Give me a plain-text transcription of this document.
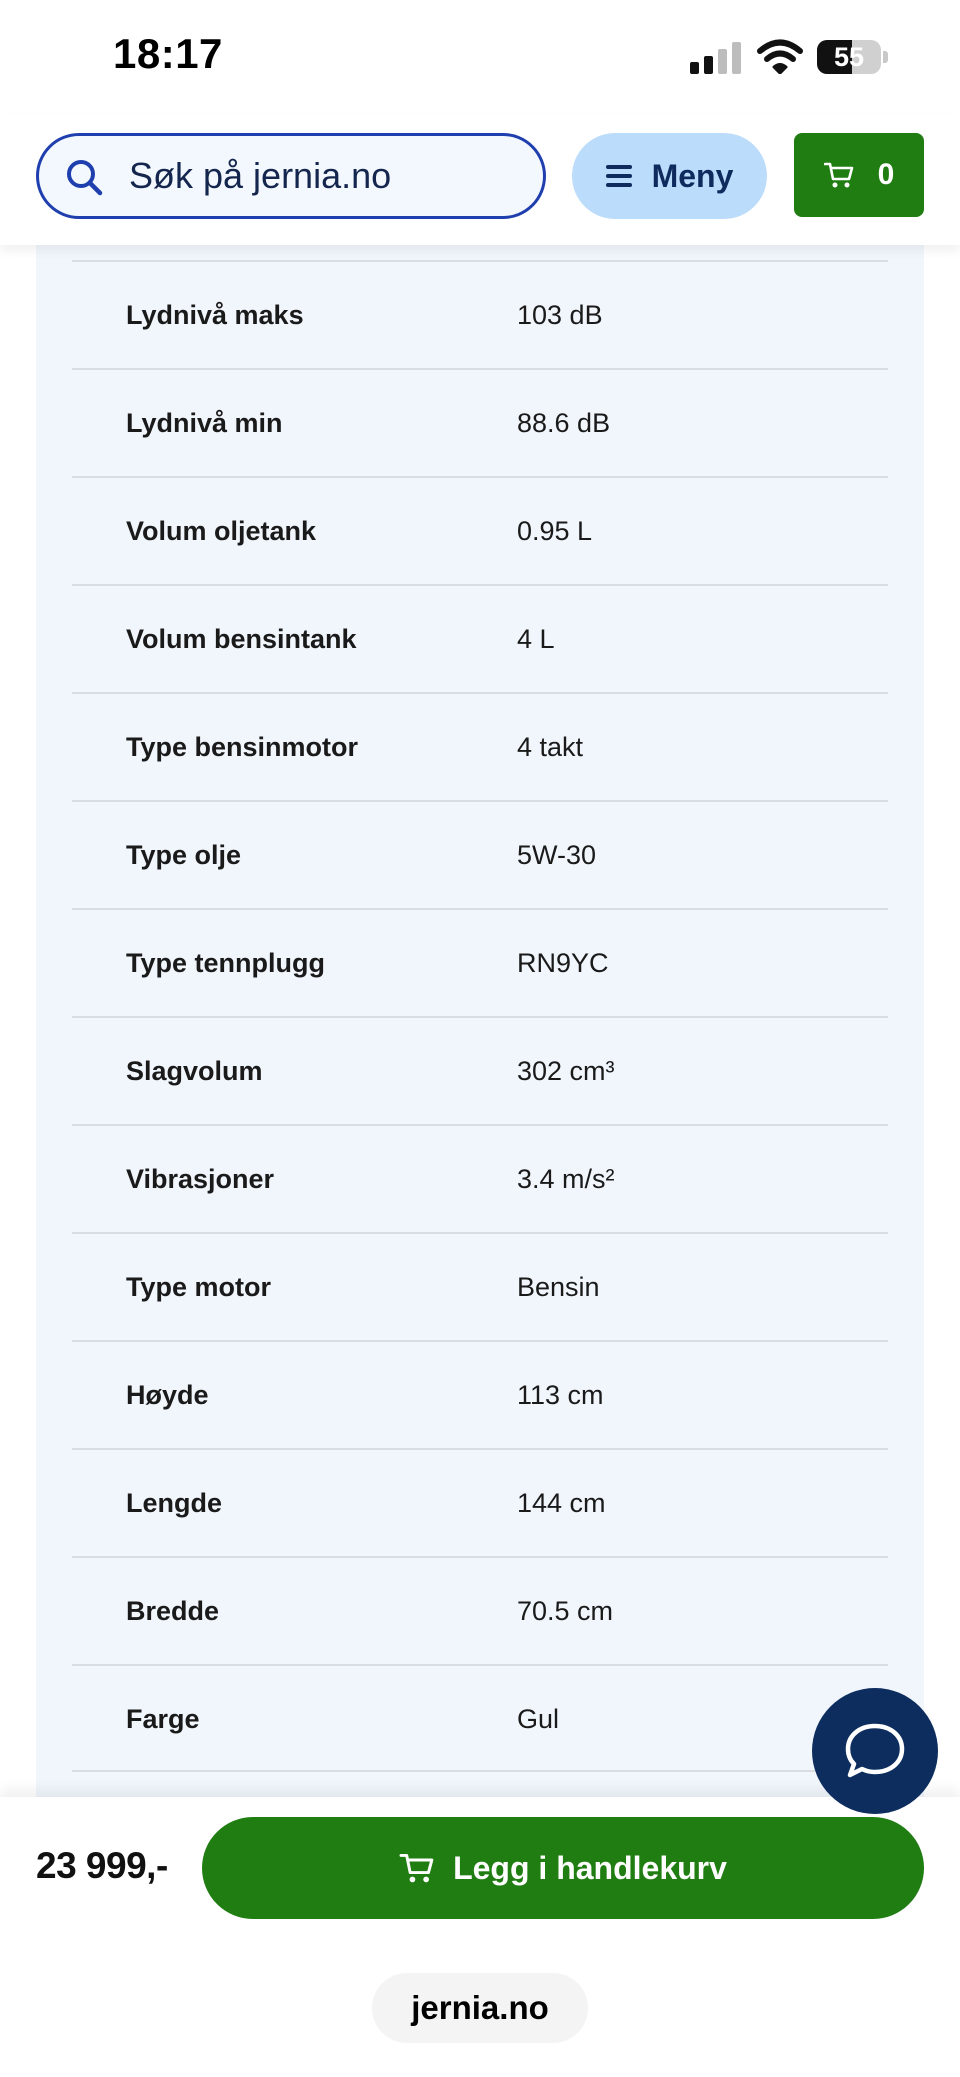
18:17	55
Søk på jernia.no
Meny	0
Lydnivå maks	103 dB
Lydnivå min	88.6 dB
Volum oljetank	0.95 L
Volum bensintank	4 L
Type bensinmotor	4 takt
Type olje	5W-30
Type tennplugg	RN9YC
Slagvolum	302 cm³
Vibrasjoner	3.4 m/s²
Type motor	Bensin
Høyde	113 cm
Lengde	144 cm
Bredde	70.5 cm
Farge	Gul
23 999,-	Legg i handlekurv
jernia.no
